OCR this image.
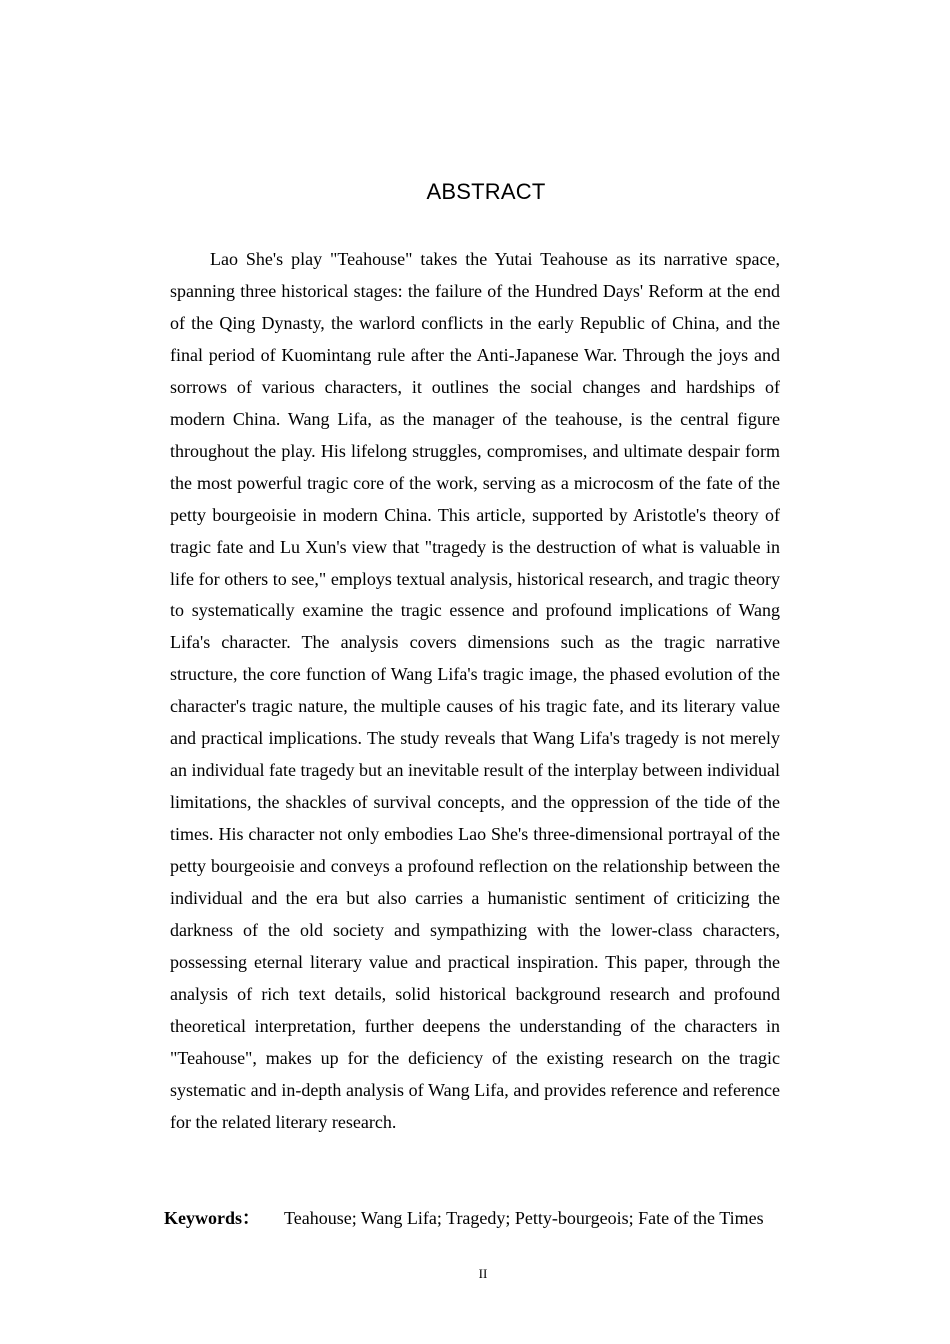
ABSTRACT

Lao She's play "Teahouse" takes the Yutai Teahouse as its narrative space, spanning three historical stages: the failure of the Hundred Days' Reform at the end of the Qing Dynasty, the warlord conflicts in the early Republic of China, and the final period of Kuomintang rule after the Anti-Japanese War. Through the joys and sorrows of various characters, it outlines the social changes and hardships of modern China. Wang Lifa, as the manager of the teahouse, is the central figure throughout the play. His lifelong struggles, compromises, and ultimate despair form the most powerful tragic core of the work, serving as a microcosm of the fate of the petty bourgeoisie in modern China. This article, supported by Aristotle's theory of tragic fate and Lu Xun's view that "tragedy is the destruction of what is valuable in life for others to see," employs textual analysis, historical research, and tragic theory to systematically examine the tragic essence and profound implications of Wang Lifa's character. The analysis covers dimensions such as the tragic narrative structure, the core function of Wang Lifa's tragic image, the phased evolution of the character's tragic nature, the multiple causes of his tragic fate, and its literary value and practical implications. The study reveals that Wang Lifa's tragedy is not merely an individual fate tragedy but an inevitable result of the interplay between individual limitations, the shackles of survival concepts, and the oppression of the tide of the times. His character not only embodies Lao She's three-dimensional portrayal of the petty bourgeoisie and conveys a profound reflection on the relationship between the individual and the era but also carries a humanistic sentiment of criticizing the darkness of the old society and sympathizing with the lower-class characters, possessing eternal literary value and practical inspiration. This paper, through the analysis of rich text details, solid historical background research and profound theoretical interpretation, further deepens the understanding of the characters in "Teahouse", makes up for the deficiency of the existing research on the tragic systematic and in-depth analysis of Wang Lifa, and provides reference and reference for the related literary research.

Keywords： Teahouse; Wang Lifa; Tragedy; Petty-bourgeois; Fate of the Times
II
